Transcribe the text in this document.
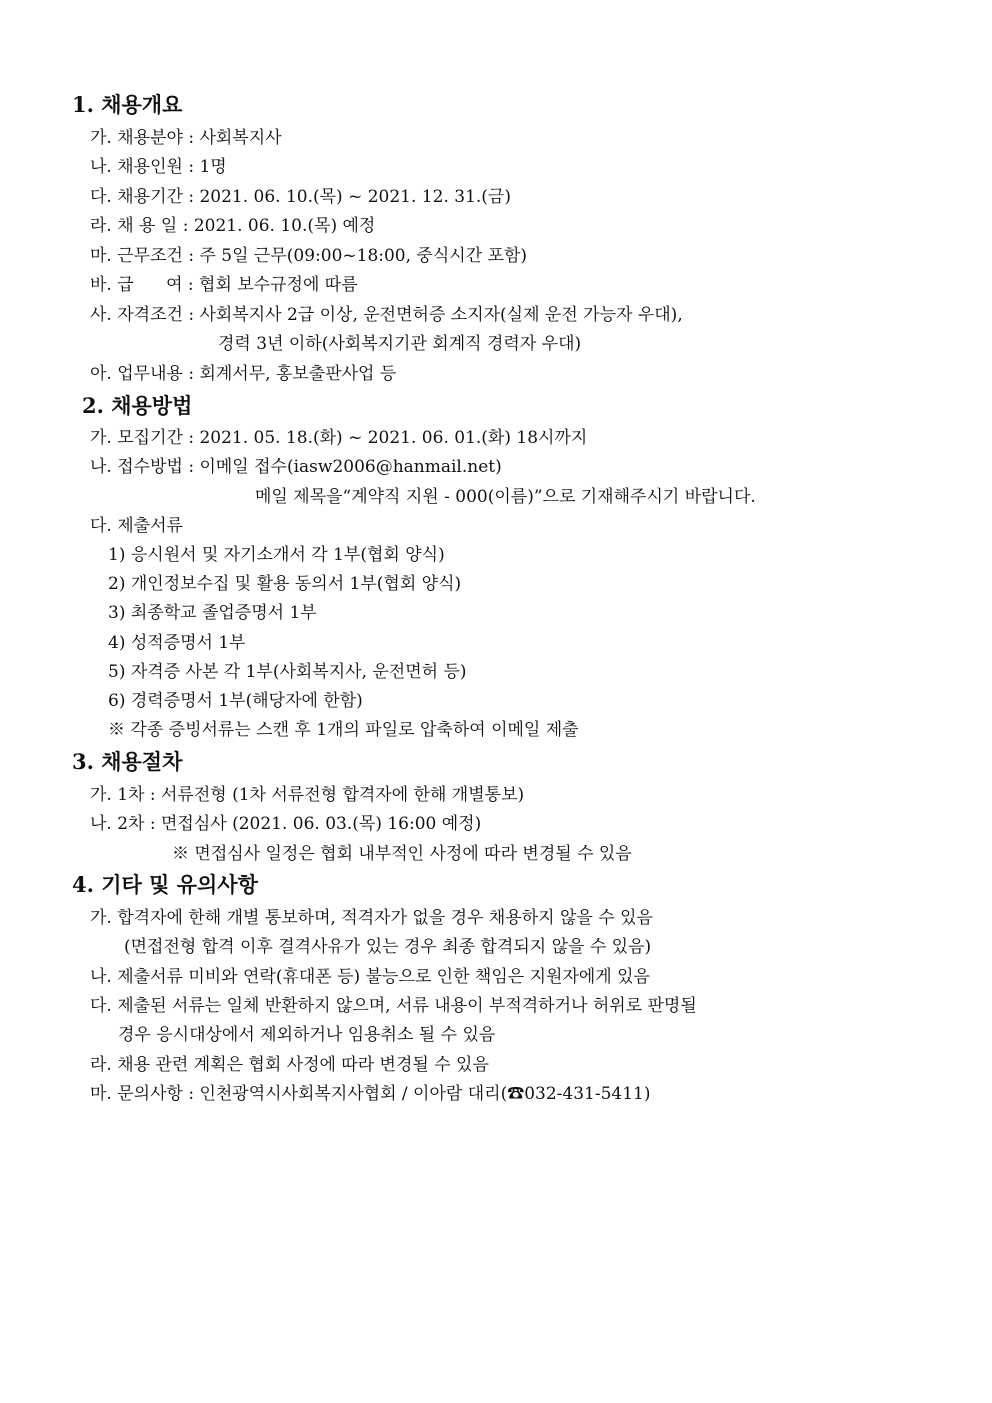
1. 채용개요
가. 채용분야 : 사회복지사
나. 채용인원 : 1명
다. 채용기간 : 2021. 06. 10.(목) ~ 2021. 12. 31.(금)
라. 채 용 일 : 2021. 06. 10.(목) 예정
마. 근무조건 : 주 5일 근무(09:00~18:00, 중식시간 포함)
바. 급      여 : 협회 보수규정에 따름
사. 자격조건 : 사회복지사 2급 이상, 운전면허증 소지자(실제 운전 가능자 우대),
경력 3년 이하(사회복지기관 회계직 경력자 우대)
아. 업무내용 : 회계서무, 홍보출판사업 등
2. 채용방법
가. 모집기간 : 2021. 05. 18.(화) ~ 2021. 06. 01.(화) 18시까지
나. 접수방법 : 이메일 접수(iasw2006@hanmail.net)
메일 제목을“계약직 지원 - 000(이름)”으로 기재해주시기 바랍니다.
다. 제출서류
1) 응시원서 및 자기소개서 각 1부(협회 양식)
2) 개인정보수집 및 활용 동의서 1부(협회 양식)
3) 최종학교 졸업증명서 1부
4) 성적증명서 1부
5) 자격증 사본 각 1부(사회복지사, 운전면허 등)
6) 경력증명서 1부(해당자에 한함)
※ 각종 증빙서류는 스캔 후 1개의 파일로 압축하여 이메일 제출
3. 채용절차
가. 1차 : 서류전형 (1차 서류전형 합격자에 한해 개별통보)
나. 2차 : 면접심사 (2021. 06. 03.(목) 16:00 예정)
※ 면접심사 일정은 협회 내부적인 사정에 따라 변경될 수 있음
4. 기타 및 유의사항
가. 합격자에 한해 개별 통보하며, 적격자가 없을 경우 채용하지 않을 수 있음
(면접전형 합격 이후 결격사유가 있는 경우 최종 합격되지 않을 수 있음)
나. 제출서류 미비와 연락(휴대폰 등) 불능으로 인한 책임은 지원자에게 있음
다. 제출된 서류는 일체 반환하지 않으며, 서류 내용이 부적격하거나 허위로 판명될
경우 응시대상에서 제외하거나 임용취소 될 수 있음
라. 채용 관련 계획은 협회 사정에 따라 변경될 수 있음
마. 문의사항 : 인천광역시사회복지사협회 / 이아람 대리(☎032-431-5411)
